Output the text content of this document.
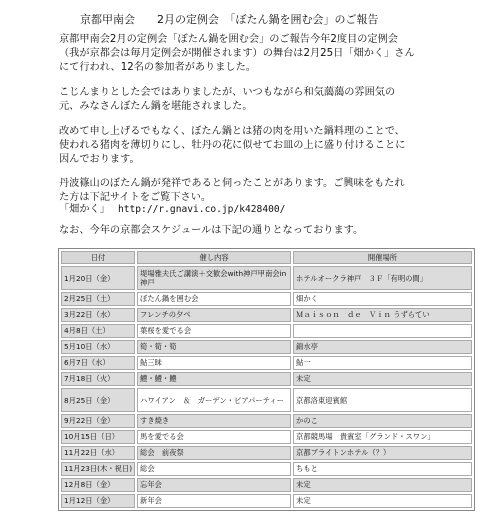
京都甲南会　　2月の定例会　「ぼたん鍋を囲む会」のご報告
京都甲南会2月の定例会「ぼたん鍋を囲む会」のご報告今年2度目の定例会
（我が京都会は毎月定例会が開催されます）の舞台は2月25日「畑かく」さん
にて行われ、12名の参加者がありました。
こじんまりとした会ではありましたが、いつもながら和気藹藹の雰囲気の
元、みなさんぼたん鍋を堪能されました。
改めて申し上げるでもなく、ぼたん鍋とは猪の肉を用いた鍋料理のことで、
使われる猪肉を薄切りにし、牡丹の花に似せてお皿の上に盛り付けることに
因んでおります。
丹波篠山のぼたん鍋が発祥であると伺ったことがあります。ご興味をもたれ
た方は下記サイトをご覧下さい。
「畑かく」 http://r.gnavi.co.jp/k428400/
なお、今年の京都会スケジュールは下記の通りとなっております。
日付	催し内容	開催場所
1月20日（金）	堤場雅夫氏ご講演＋交歓会with神戸甲南会in神戸	ホテルオークラ神戸　３Ｆ「有明の間」
2月25日（土）	ぼたん鍋を囲む会	畑かく
3月22日（水）	フレンチの夕べ	Ｍａｉｓｏｎ　ｄｅ　Ｖｉｎ うずらてい
4月8日（土）	葉桜を愛でる会	
5月10日（水）	筍・筍・筍	錦水亭
6月7日（水）	鮎三昧	鮎一
7月18日（火）	鱧・鱧・鱧	未定
8月25日（金）	ハワイアン　＆　ガーデン・ビアパーティー	京都洛東迎賓館
9月22日（金）	すき焼き	かのこ
10月15日（日）	馬を愛でる会	京都競馬場　貴賓室「グランド・スワン」
11月22日（水）	総会　前夜祭	京都ブライトンホテル（？）
11月23日(木・祝日)	総会	ちもと
12月8日（金）	忘年会	未定
1月12日（金）	新年会	未定
